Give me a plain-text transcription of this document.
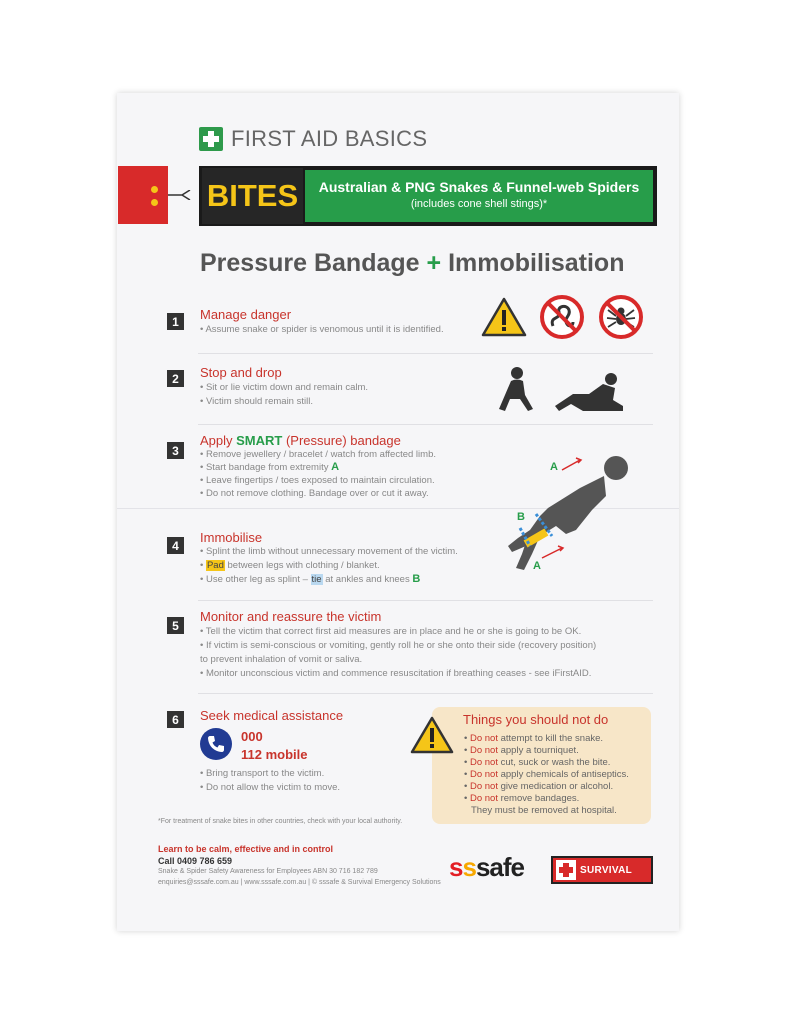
FIRST AID BASICS
BITES	Australian & PNG Snakes & Funnel-web Spiders
(includes cone shell stings)*
Pressure Bandage + Immobilisation
1	Manage danger
• Assume snake or spider is venomous until it is identified.
2	Stop and drop
• Sit or lie victim down and remain calm.
• Victim should remain still.
3
Apply SMART (Pressure) bandage
• Remove jewellery / bracelet / watch from affected limb.
• Start bandage from extremity A
• Leave fingertips / toes exposed to maintain circulation.
• Do not remove clothing. Bandage over or cut it away.
A
B
A
4
Immobilise
• Splint the limb without unnecessary movement of the victim.
• Pad between legs with clothing / blanket.
• Use other leg as splint – tie at ankles and knees B
5
Monitor and reassure the victim
• Tell the victim that correct first aid measures are in place and he or she is going to be OK.
• If victim is semi-conscious or vomiting, gently roll he or she onto their side (recovery position)
to prevent inhalation of vomit or saliva.
• Monitor unconscious victim and commence resuscitation if breathing ceases - see iFirstAID.
6	Seek medical assistance
000
112 mobile
• Bring transport to the victim.
• Do not allow the victim to move.
Things you should not do
• Do not attempt to kill the snake.
• Do not apply a tourniquet.
• Do not cut, suck or wash the bite.
• Do not apply chemicals of antiseptics.
• Do not give medication or alcohol.
• Do not remove bandages.
They must be removed at hospital.
*For treatment of snake bites in other countries, check with your local authority.
Learn to be calm, effective and in control
Call 0409 786 659
Snake & Spider Safety Awareness for Employees ABN 30 716 182 789
enquiries@sssafe.com.au | www.sssafe.com.au | © sssafe & Survival Emergency Solutions
sssafe	SURVIVAL
